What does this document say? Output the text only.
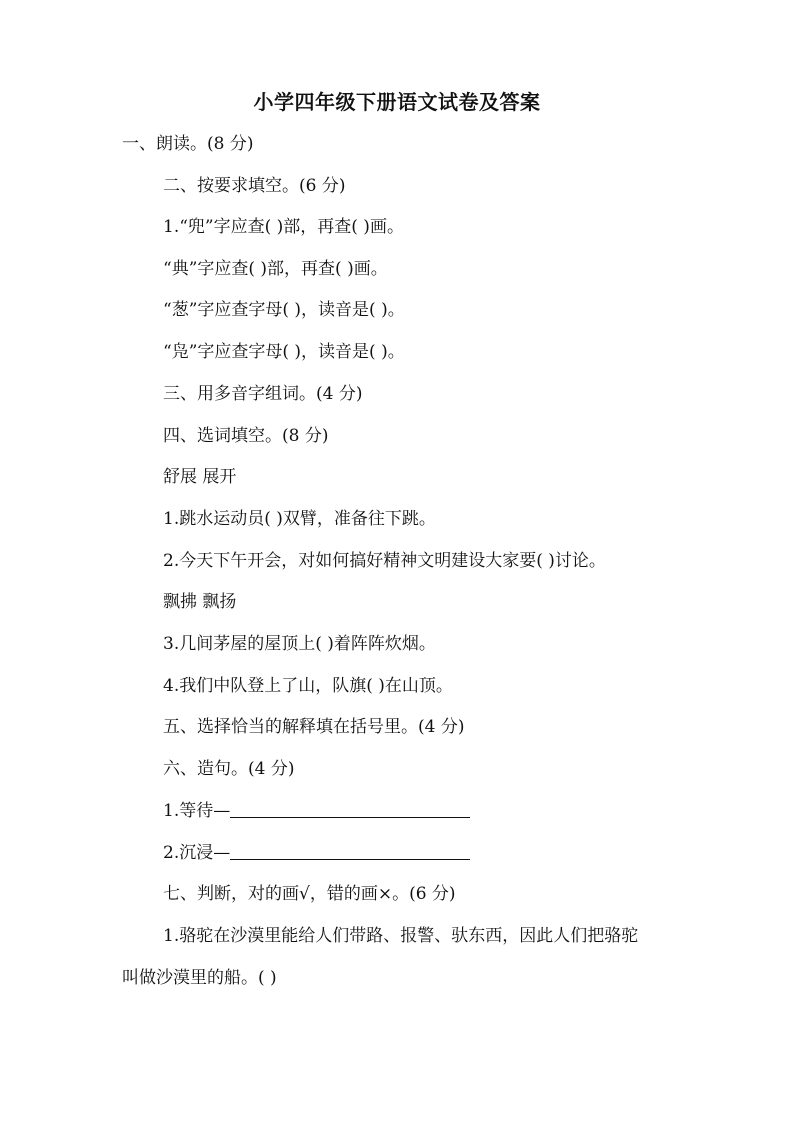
小学四年级下册语文试卷及答案
一、朗读。(8 分)
二、按要求填空。(6 分)
1.“兜”字应查( )部，再查( )画。
“典”字应查( )部，再查( )画。
“葱”字应查字母( )，读音是( )。
“凫”字应查字母( )，读音是( )。
三、用多音字组词。(4 分)
四、选词填空。(8 分)
舒展 展开
1.跳水运动员( )双臂，准备往下跳。
2.今天下午开会，对如何搞好精神文明建设大家要( )讨论。
飘拂 飘扬
3.几间茅屋的屋顶上( )着阵阵炊烟。
4.我们中队登上了山，队旗( )在山顶。
五、选择恰当的解释填在括号里。(4 分)
六、造句。(4 分)
1.等待—
2.沉浸—
七、判断，对的画√，错的画×。(6 分)
1.骆驼在沙漠里能给人们带路、报警、驮东西，因此人们把骆驼
叫做沙漠里的船。( )
